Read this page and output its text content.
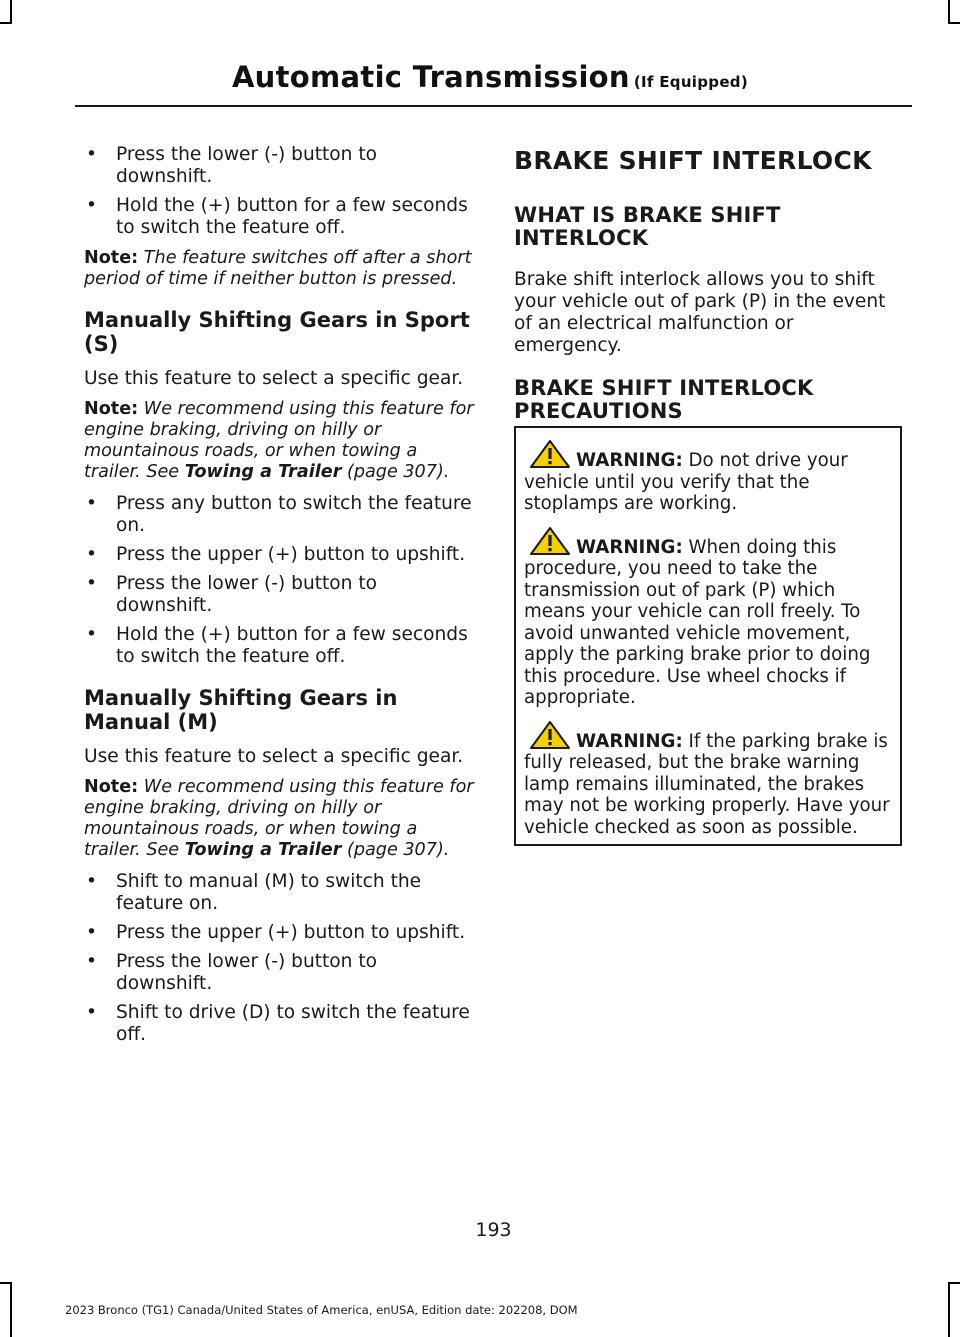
Automatic Transmission (If Equipped)
• Press the lower (-) button to downshift.
• Hold the (+) button for a few seconds to switch the feature off.

Note: The feature switches off after a short period of time if neither button is pressed.

Manually Shifting Gears in Sport (S)

Use this feature to select a specific gear.

Note: We recommend using this feature for engine braking, driving on hilly or mountainous roads, or when towing a trailer. See Towing a Trailer (page 307).

• Press any button to switch the feature on.
• Press the upper (+) button to upshift.
• Press the lower (-) button to downshift.
• Hold the (+) button for a few seconds to switch the feature off.
Manually Shifting Gears in Manual (M)

Use this feature to select a specific gear.

Note: We recommend using this feature for engine braking, driving on hilly or mountainous roads, or when towing a trailer. See Towing a Trailer (page 307).

• Shift to manual (M) to switch the feature on.
• Press the upper (+) button to upshift.
• Press the lower (-) button to downshift.
• Shift to drive (D) to switch the feature off.
BRAKE SHIFT INTERLOCK
WHAT IS BRAKE SHIFT INTERLOCK

Brake shift interlock allows you to shift your vehicle out of park (P) in the event of an electrical malfunction or emergency.

BRAKE SHIFT INTERLOCK PRECAUTIONS

WARNING: Do not drive your vehicle until you verify that the stoplamps are working.

WARNING: When doing this procedure, you need to take the transmission out of park (P) which means your vehicle can roll freely. To avoid unwanted vehicle movement, apply the parking brake prior to doing this procedure. Use wheel chocks if appropriate.

WARNING: If the parking brake is fully released, but the brake warning lamp remains illuminated, the brakes may not be working properly. Have your vehicle checked as soon as possible.

193
2023 Bronco (TG1) Canada/United States of America, enUSA, Edition date: 202208, DOM
